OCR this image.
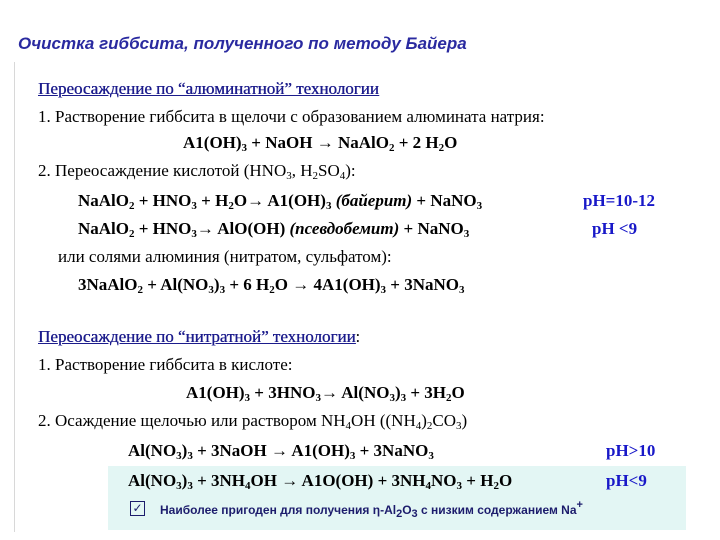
Очистка гиббсита, полученного по методу Байера
Переосаждение по “алюминатной” технологии
1. Растворение гиббсита в щелочи с образованием алюмината натрия:
$A1(OH)_3$ + NaOH → NaAlO$_2$ + 2 $H_2O$
2. Переосаждение кислотой ($HNO_3$, $H_2SO_4$):
NaAlO$_2$ + $HNO_3 + H_2O\to A1(OH)_3$ (байерит) + NaNO$_3$	pH=10-12
NaAlO$_2$ + $HNO_3\to AlO(OH)$ (псевдобемит) + NaNO$_3$	pH <9
или солями алюминия (нитратом, сульфатом):
3NaAlO$_2$ + $Al(NO_3)_3 + 6$ $H_2O \to 4A1(OH)_3$ + 3NaNO$_3$
Переосаждение по “нитратной” технологии:
1. Растворение гиббсита в кислоте:
$A1(OH)_3 + 3HNO_3\to Al(NO_3)_3 + 3H_2O$
2. Осаждение щелочью или раствором $NH_4OH$ $((NH_4)_2CO_3)$
$Al(NO_3)_3$ + 3NaOH → $A1(OH)_3$ + 3NaNO$_3$	pH>10
$Al(NO_3)_3 + 3NH_4OH \to A1O(OH) + 3NH_4NO_3 + H_2O$	pH<9
✓ Наиболее пригоден для получения $\eta-Al_2O_3$ с низким содержанием Na+
